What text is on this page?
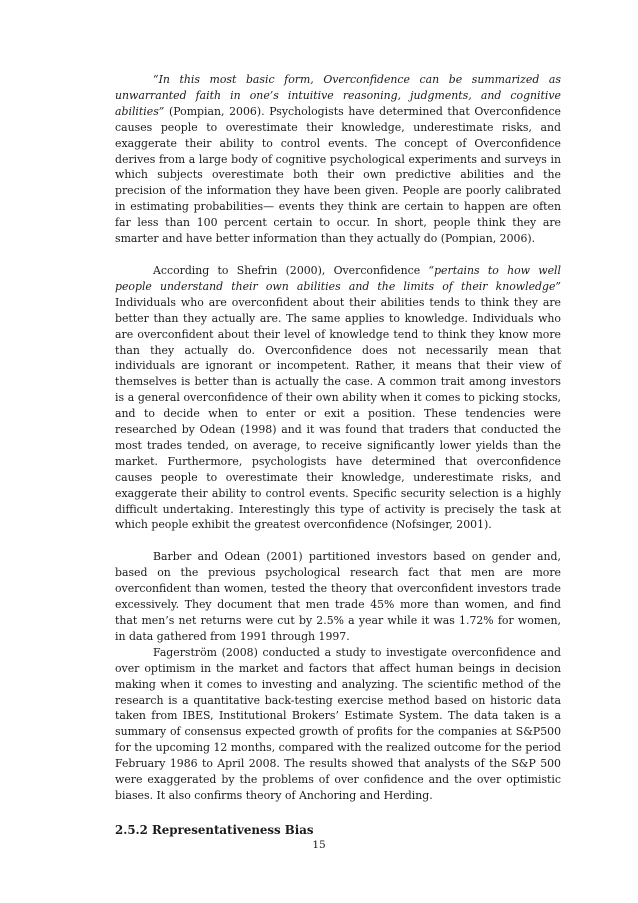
“In this most basic form, Overconfidence can be summarized as unwarranted faith in one’s intuitive reasoning, judgments, and cognitive abilities” (Pompian, 2006). Psychologists have determined that Overconfidence causes people to overestimate their knowledge, underestimate risks, and exaggerate their ability to control events. The concept of Overconfidence derives from a large body of cognitive psychological experiments and surveys in which subjects overestimate both their own predictive abilities and the precision of the information they have been given. People are poorly calibrated in estimating probabilities— events they think are certain to happen are often far less than 100 percent certain to occur. In short, people think they are smarter and have better information than they actually do (Pompian, 2006).

According to Shefrin (2000), Overconfidence “pertains to how well people understand their own abilities and the limits of their knowledge” Individuals who are overconfident about their abilities tends to think they are better than they actually are. The same applies to knowledge. Individuals who are overconfident about their level of knowledge tend to think they know more than they actually do. Overconfidence does not necessarily mean that individuals are ignorant or incompetent. Rather, it means that their view of themselves is better than is actually the case. A common trait among investors is a general overconfidence of their own ability when it comes to picking stocks, and to decide when to enter or exit a position. These tendencies were researched by Odean (1998) and it was found that traders that conducted the most trades tended, on average, to receive significantly lower yields than the market. Furthermore, psychologists have determined that overconfidence causes people to overestimate their knowledge, underestimate risks, and exaggerate their ability to control events. Specific security selection is a highly difficult undertaking. Interestingly this type of activity is precisely the task at which people exhibit the greatest overconfidence (Nofsinger, 2001).

Barber and Odean (2001) partitioned investors based on gender and, based on the previous psychological research fact that men are more overconfident than women, tested the theory that overconfident investors trade excessively. They document that men trade 45% more than women, and find that men’s net returns were cut by 2.5% a year while it was 1.72% for women, in data gathered from 1991 through 1997.

Fagerström (2008) conducted a study to investigate overconfidence and over optimism in the market and factors that affect human beings in decision making when it comes to investing and analyzing. The scientific method of the research is a quantitative back-testing exercise method based on historic data taken from IBES, Institutional Brokers’ Estimate System. The data taken is a summary of consensus expected growth of profits for the companies at S&P500 for the upcoming 12 months, compared with the realized outcome for the period February 1986 to April 2008. The results showed that analysts of the S&P 500 were exaggerated by the problems of over confidence and the over optimistic biases. It also confirms theory of Anchoring and Herding.

2.5.2 Representativeness Bias
15
